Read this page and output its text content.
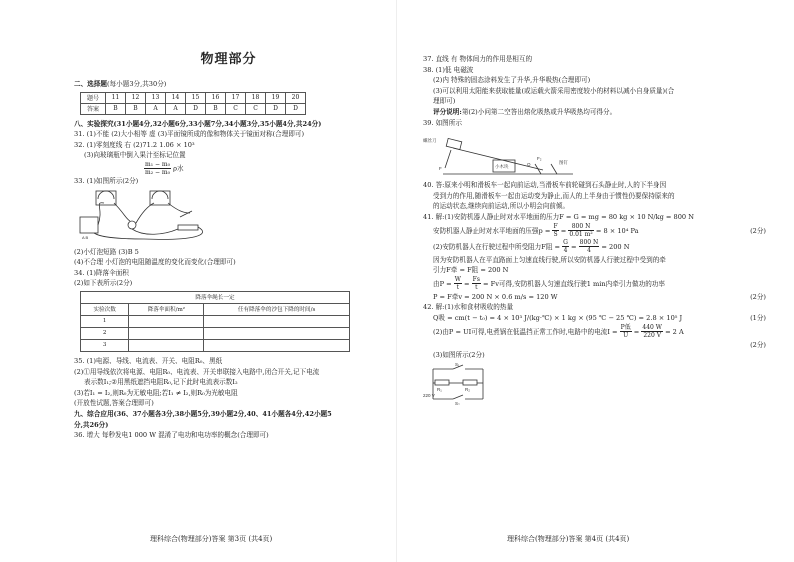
物理部分
二、选择题(每小题3分,共30分)
题号	11	12	13	14	15	16	17	18	19	20
答案	B	B	A	A	D	B	C	C	D	D
八、实验探究(31小题4分,32小题6分,33小题7分,34小题3分,35小题4分,共24分)
31. (1)不能 (2)大小相等 虚 (3)平面镜所成的像和物体关于镜面对称(合理即可)
32. (1)零刻度线 右 (2)71.2 1.06 × 10³
(3)向玻璃瓶中倒入果汁至标记位置
$\frac{\text{m₁ − m₀}}{\text{m₂ − m₀}}$ ρ水
33. (1)如图所示(2分)
A B
(2)小灯泡短路 (3)B 5
(4)不合理 小灯泡的电阻随温度的变化而变化(合理即可)
34. (1)降落伞面积
(2)如下表所示(2分)
降落伞绳长一定		
实验次数	降落伞面积/m²	任有降落伞的沙包下降的时间/s
1		
2		
3		
35. (1)电源、导线、电流表、开关、电阻R₀、黑纸
(2)①用导线依次将电源、电阻R₀、电流表、开关串联接入电路中,闭合开关,记下电流
表示数I₁;②用黑纸遮挡电阻R₀,记下此时电流表示数I₂
(3)若I₁ = I₂,则R₀为无敏电阻;若I₁ ≠ I₂,则R₀为光敏电阻
(开放性试题,答案合理即可)
九、综合应用(36、37小题各3分,38小题5分,39小题2分,40、41小题各4分,42小题5
分,共26分)
36. 增大 每秒发电1 000 W 混淆了电功和电功率的概念(合理即可)
理科综合(物理部分)答案 第3页 (共4页)
37. 直线 有 物体间力的作用是相互的
38. (1)低 电磁波
(2)内 特殊的固态涂料发生了升华,升华吸热(合理即可)
(3)可以利用太阳能来获取能量(或运载火箭采用密度较小的材料以减小自身质量)(合
理即可)
评分说明:第(2)小问第二空答出熔化吸热或升华吸热均可得分。
39. 如图所示
螺丝刀
F	小木块	O
F₂
图钉
40. 答:原来小明和滑板车一起向前运动,当滑板车前轮碰到石头静止时,人的下半身因
受到力的作用,随滑板车一起由运动变为静止,而人的上半身由于惯性仍要保持原来的
的运动状态,继续向前运动,所以小明会向前倾。
41. 解:(1)安防机器人静止时对水平地面的压力F = G = mg = 80 kg × 10 N/kg = 800 N
安防机器人静止时对水平地面的压强$p = \frac{F}{S} = \frac{800 N}{\text{0.01 m²}} = 8 \times 10^4$ Pa	(2分)
(2)安防机器人在行驶过程中所受阻力F阻 = $\frac{G}{4} = \frac{800 N}{4} = 200$ N
因为安防机器人在平直路面上匀速直线行驶,所以安防机器人行驶过程中受到的牵
引力F牵 = F阻 = 200 N
由$P = \frac{W}{t} = \frac{Fs}{t} = Fv$可得,安防机器人匀速直线行驶1 min内牵引力做功的功率
P = F牵v = 200 N × 0.6 m/s = 120 W	(2分)
42. 解:(1)水和食材吸收的热量
Q吸 = cm(t − t₀) = 4 × 10³ J/(kg·℃) × 1 kg × (95 ℃ − 25 ℃) = 2.8 × 10⁵ J	(1分)
(2)由P = UI可得,电煮锅在低温挡正常工作时,电路中的电流$I = \frac{\text{P低}}{U} = \frac{440 W}{220 V} = 2$ A
(2分)
(3)如图所示(2分)
S₁
R₁	R₂
220 V
S₂
理科综合(物理部分)答案 第4页 (共4页)
